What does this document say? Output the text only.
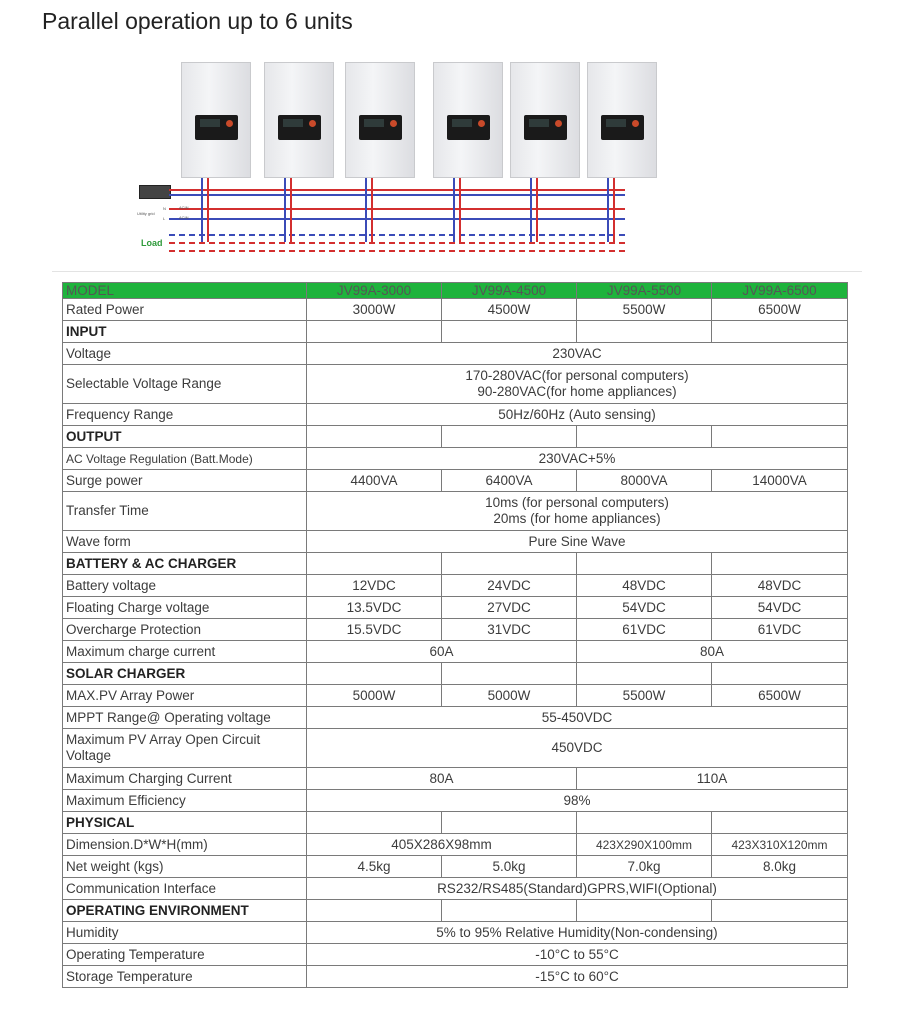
Parallel operation up to 6 units
Utility grid
ACIN
ACIN
N
L
Load
MODEL	JV99A-3000	JV99A-4500	JV99A-5500	JV99A-6500
Rated Power	3000W	4500W	5500W	6500W
INPUT				
Voltage	230VAC			
Selectable Voltage Range	170-280VAC(for personal computers)
90-280VAC(for home appliances)			

Frequency Range	50Hz/60Hz (Auto sensing)			
OUTPUT				
AC Voltage Regulation (Batt.Mode)	230VAC+5%			
Surge power	4400VA	6400VA	8000VA	14000VA
Transfer Time	10ms (for personal computers)
20ms (for home appliances)			

Wave form	Pure Sine Wave			
BATTERY & AC CHARGER				
Battery voltage	12VDC	24VDC	48VDC	48VDC
Floating Charge voltage	13.5VDC	27VDC	54VDC	54VDC
Overcharge Protection	15.5VDC	31VDC	61VDC	61VDC
Maximum charge current	60A		80A	
SOLAR CHARGER				
MAX.PV Array Power	5000W	5000W	5500W	6500W
MPPT Range@ Operating voltage	55-450VDC			
Maximum PV Array Open Circuit Voltage	450VDC			
Maximum Charging Current	80A		110A	
Maximum Efficiency	98%			
PHYSICAL				
Dimension.D*W*H(mm)	405X286X98mm		423X290X100mm	423X310X120mm
Net weight (kgs)	4.5kg	5.0kg	7.0kg	8.0kg
Communication Interface	RS232/RS485(Standard)GPRS,WIFI(Optional)			
OPERATING ENVIRONMENT				
Humidity	5% to 95% Relative Humidity(Non-condensing)			
Operating Temperature	-10°C to 55°C			
Storage Temperature	-15°C to 60°C			
